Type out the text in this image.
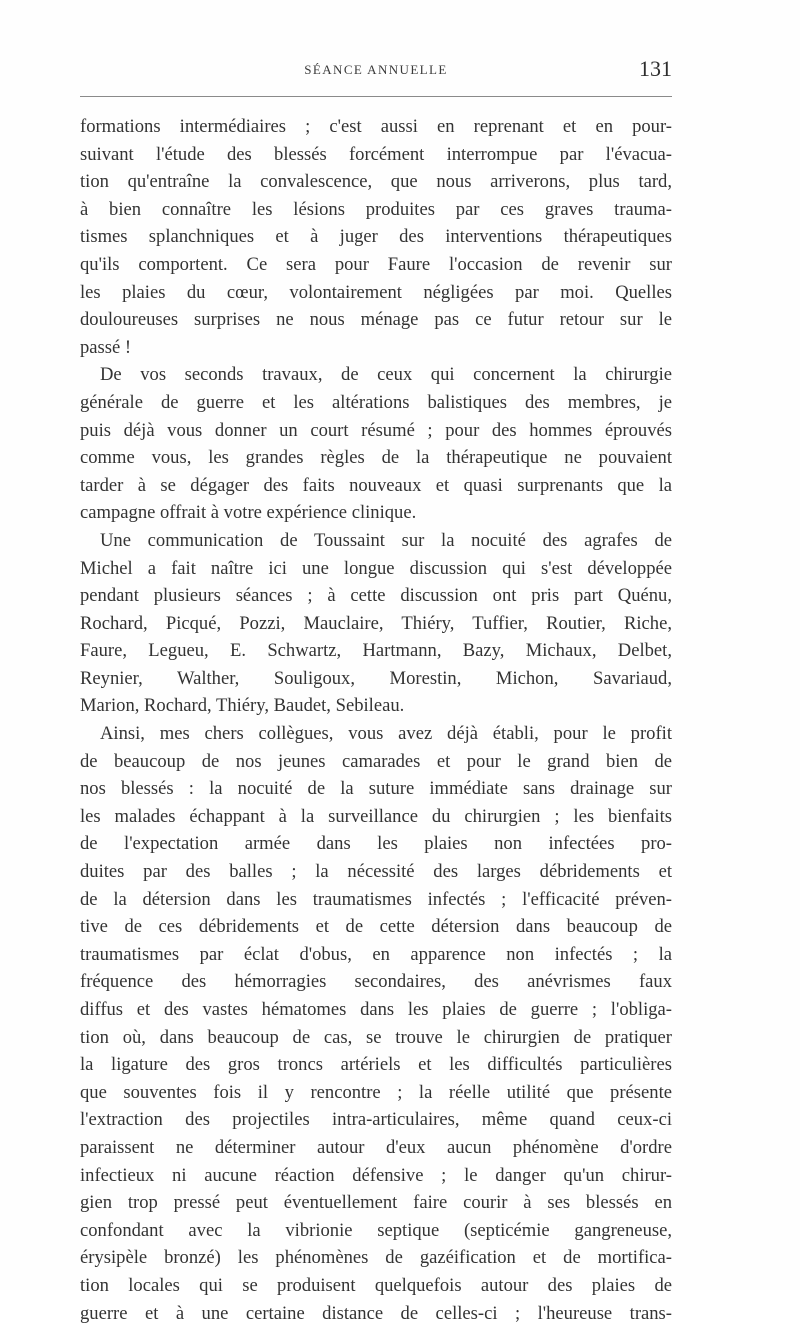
SÉANCE ANNUELLE	131
formations intermédiaires ; c'est aussi en reprenant et en pour-
suivant l'étude des blessés forcément interrompue par l'évacua-
tion qu'entraîne la convalescence, que nous arriverons, plus tard,
à bien connaître les lésions produites par ces graves trauma-
tismes splanchniques et à juger des interventions thérapeutiques
qu'ils comportent. Ce sera pour Faure l'occasion de revenir sur
les plaies du cœur, volontairement négligées par moi. Quelles
douloureuses surprises ne nous ménage pas ce futur retour sur le
passé !
De vos seconds travaux, de ceux qui concernent la chirurgie
générale de guerre et les altérations balistiques des membres, je
puis déjà vous donner un court résumé ; pour des hommes éprouvés
comme vous, les grandes règles de la thérapeutique ne pouvaient
tarder à se dégager des faits nouveaux et quasi surprenants que la
campagne offrait à votre expérience clinique.
Une communication de Toussaint sur la nocuité des agrafes de
Michel a fait naître ici une longue discussion qui s'est développée
pendant plusieurs séances ; à cette discussion ont pris part Quénu,
Rochard, Picqué, Pozzi, Mauclaire, Thiéry, Tuffier, Routier, Riche,
Faure, Legueu, E. Schwartz, Hartmann, Bazy, Michaux, Delbet,
Reynier, Walther, Souligoux, Morestin, Michon, Savariaud,
Marion, Rochard, Thiéry, Baudet, Sebileau.
Ainsi, mes chers collègues, vous avez déjà établi, pour le profit
de beaucoup de nos jeunes camarades et pour le grand bien de
nos blessés : la nocuité de la suture immédiate sans drainage sur
les malades échappant à la surveillance du chirurgien ; les bienfaits
de l'expectation armée dans les plaies non infectées pro-
duites par des balles ; la nécessité des larges débridements et
de la détersion dans les traumatismes infectés ; l'efficacité préven-
tive de ces débridements et de cette détersion dans beaucoup de
traumatismes par éclat d'obus, en apparence non infectés ; la
fréquence des hémorragies secondaires, des anévrismes faux
diffus et des vastes hématomes dans les plaies de guerre ; l'obliga-
tion où, dans beaucoup de cas, se trouve le chirurgien de pratiquer
la ligature des gros troncs artériels et les difficultés particulières
que souventes fois il y rencontre ; la réelle utilité que présente
l'extraction des projectiles intra-articulaires, même quand ceux-ci
paraissent ne déterminer autour d'eux aucun phénomène d'ordre
infectieux ni aucune réaction défensive ; le danger qu'un chirur-
gien trop pressé peut éventuellement faire courir à ses blessés en
confondant avec la vibrionie septique (septicémie gangreneuse,
érysipèle bronzé) les phénomènes de gazéification et de mortifica-
tion locales qui se produisent quelquefois autour des plaies de
guerre et à une certaine distance de celles-ci ; l'heureuse trans-
